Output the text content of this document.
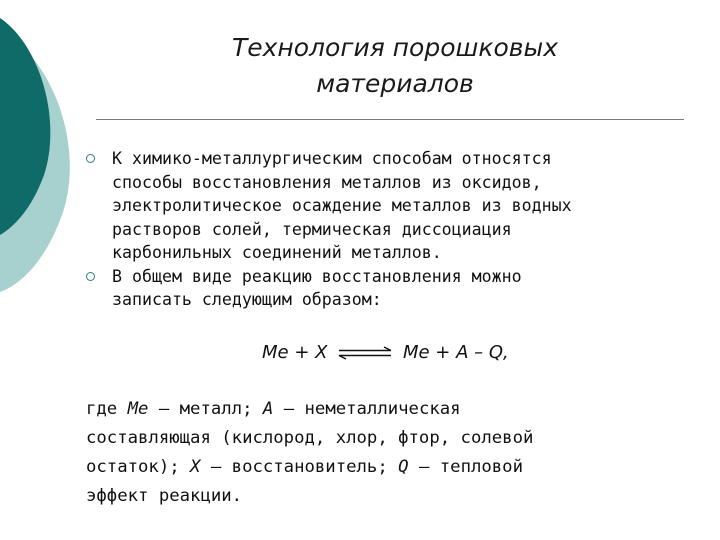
Технология порошковых
материалов
К химико-металлургическим способам относятся
способы восстановления металлов из оксидов,
электролитическое осаждение металлов из водных
растворов солей, термическая диссоциация
карбонильных соединений металлов.
В общем виде реакцию восстановления можно
записать следующим образом:
Me + X	Me + A – Q,

где Me – металл; A – неметаллическая
составляющая (кислород, хлор, фтор, солевой
остаток); X – восстановитель; Q – тепловой
эффект реакции.
